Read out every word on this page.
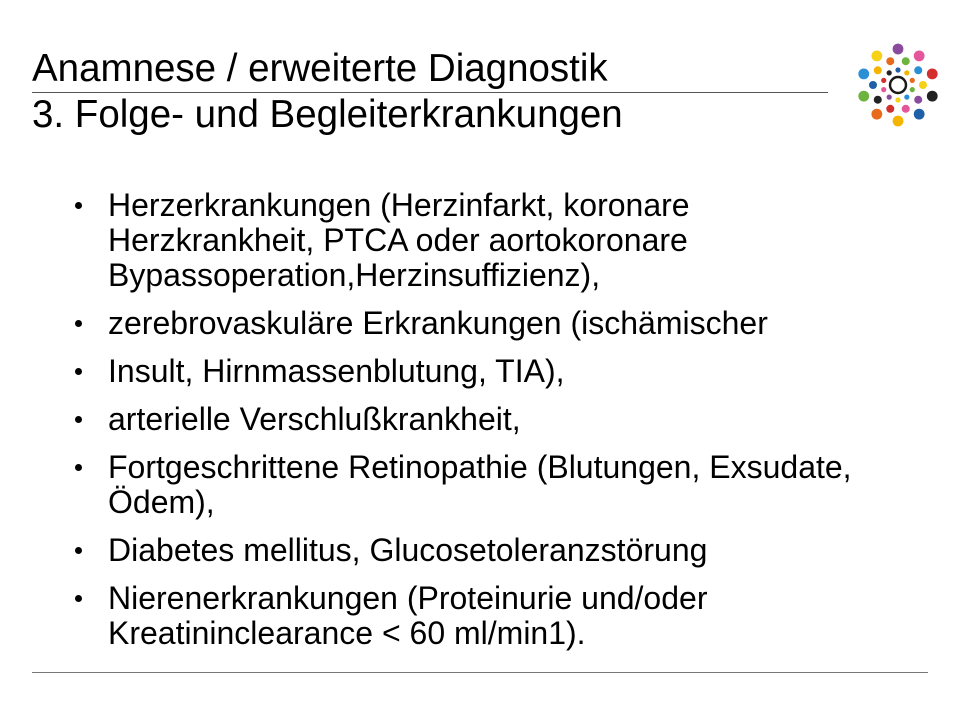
Anamnese / erweiterte Diagnostik
3. Folge- und Begleiterkrankungen
Herzerkrankungen (Herzinfarkt, koronare
Herzkrankheit, PTCA oder aortokoronare
Bypassoperation,Herzinsuffizienz),
zerebrovaskuläre Erkrankungen (ischämischer
Insult, Hirnmassenblutung, TIA),
arterielle Verschlußkrankheit,
Fortgeschrittene Retinopathie (Blutungen, Exsudate,
Ödem),
Diabetes mellitus, Glucosetoleranzstörung
Nierenerkrankungen (Proteinurie und/oder
Kreatininclearance < 60 ml/min1).
